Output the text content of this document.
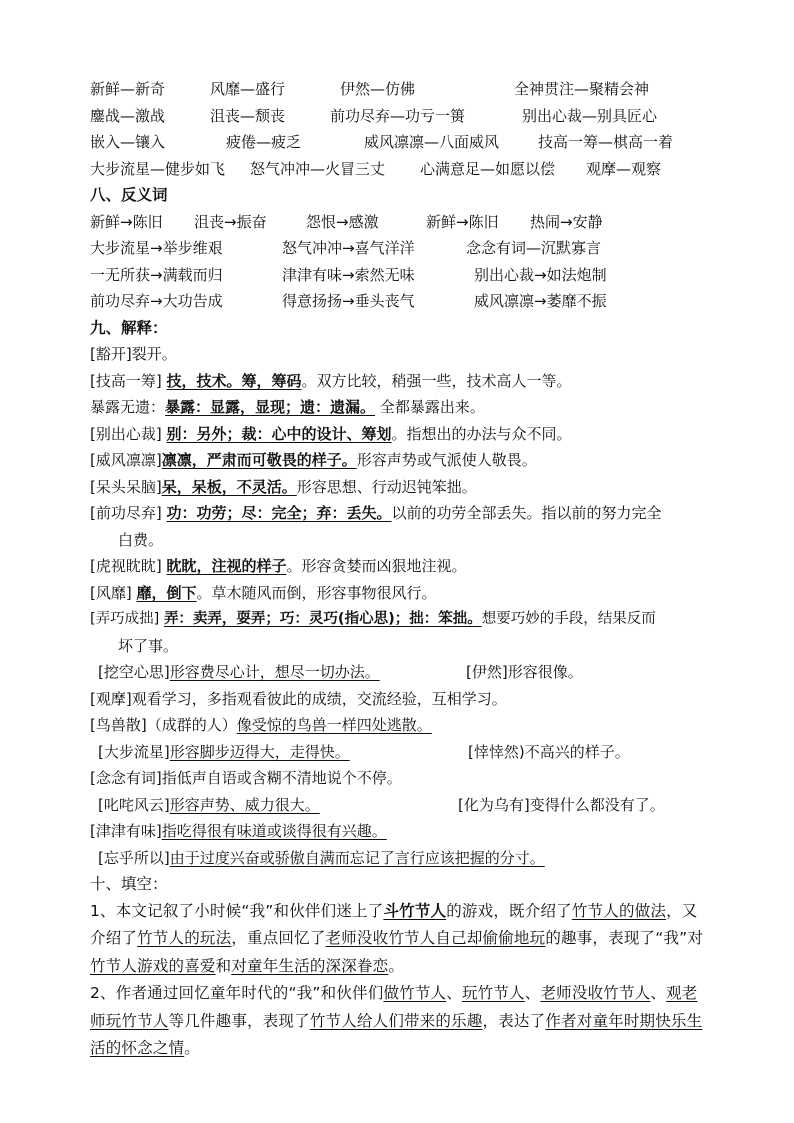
新鲜—新奇	风靡—盛行	伊然—仿佛	全神贯注—聚精会神
鏖战—激战	沮丧—颓丧	前功尽弃—功亏一篑	别出心裁—别具匠心
嵌入—镶入	疲倦—疲乏	威风凛凛—八面威风	技高一筹—棋高一着
大步流星—健步如飞 怒气冲冲—火冒三丈 心满意足—如愿以偿 观摩—观察
八、反义词
新鲜→陈旧 沮丧→振奋	怨恨→感激	新鲜→陈旧 热闹→安静
大步流星→举步维艰	怒气冲冲→喜气洋洋	念念有词—沉默寡言
一无所获→满载而归	津津有味→索然无味	别出心裁→如法炮制
前功尽弃→大功告成	得意扬扬→垂头丧气	威风凛凛→萎靡不振
九、解释：
[豁开]裂开。
[技高一筹] 技，技术。筹，筹码。双方比较，稍强一些，技术高人一等。
暴露无遗：暴露：显露，显现；遗：遗漏。 全都暴露出来。
[别出心裁] 别：另外；裁：心中的设计、筹划。指想出的办法与众不同。
[威风凛凛]凛凛，严肃而可敬畏的样子。形容声势或气派使人敬畏。
[呆头呆脑]呆，呆板，不灵活。形容思想、行动迟钝笨拙。
[前功尽弃] 功：功劳；尽：完全；弃：丢失。以前的功劳全部丢失。指以前的努力完全
白费。
[虎视眈眈] 眈眈，注视的样子。形容贪婪而凶狠地注视。
[风靡] 靡，倒下。草木随风而倒，形容事物很风行。
[弄巧成拙] 弄：卖弄，耍弄；巧：灵巧(指心思)；拙：笨拙。想要巧妙的手段，结果反而
坏了事。
[挖空心思]形容费尽心计，想尽一切办法。	[伊然]形容很像。
[观摩]观看学习，多指观看彼此的成绩，交流经验，互相学习。
[鸟兽散]（成群的人）像受惊的鸟兽一样四处逃散。
[大步流星]形容脚步迈得大，走得快。	[悻悻然)不高兴的样子。
[念念有词]指低声自语或含糊不清地说个不停。
[叱咤风云]形容声势、威力很大。	[化为乌有]变得什么都没有了。
[津津有味]指吃得很有味道或谈得很有兴趣。
[忘乎所以]由于过度兴奋或骄傲自满而忘记了言行应该把握的分寸。
十、填空：
1、本文记叙了小时候“我”和伙伴们迷上了斗竹节人的游戏，既介绍了竹节人的做法，又介绍了竹节人的玩法，重点回忆了老师没收竹节人自己却偷偷地玩的趣事，表现了“我”对竹节人游戏的喜爱和对童年生活的深深眷恋。
2、作者通过回忆童年时代的“我”和伙伴们做竹节人、玩竹节人、老师没收竹节人、观老师玩竹节人等几件趣事，表现了竹节人给人们带来的乐趣，表达了作者对童年时期快乐生活的怀念之情。
